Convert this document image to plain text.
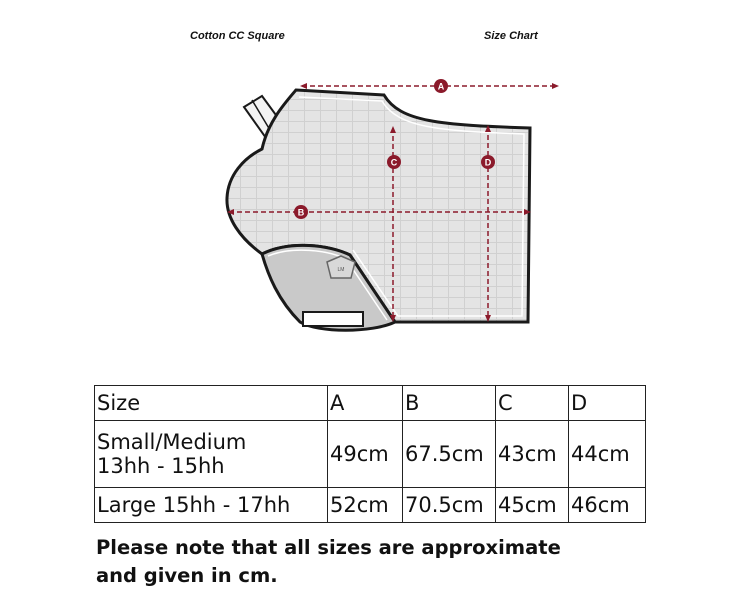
Cotton CC Square	Size Chart
LM
A
B
C	D
Size	A	B	C	D

Small/Medium
13hh - 15hh	49cm	67.5cm	43cm	44cm
Large 15hh - 17hh	52cm	70.5cm	45cm	46cm
Please note that all sizes are approximate
and given in cm.
